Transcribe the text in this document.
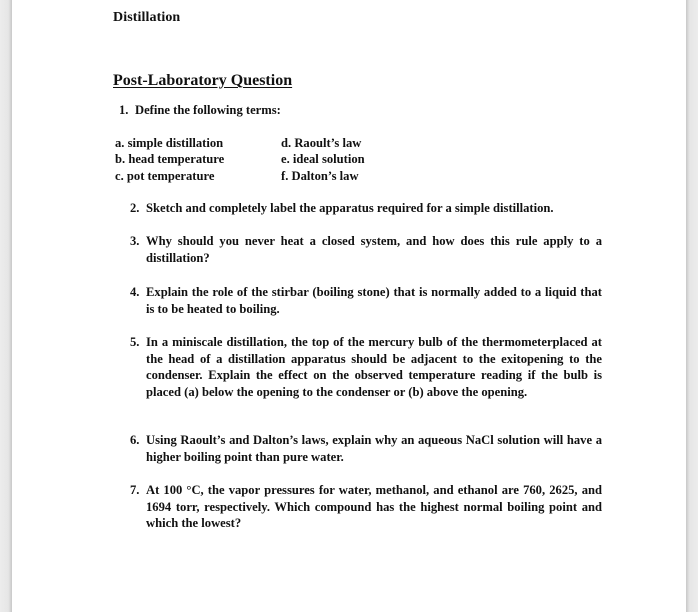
Distillation
Post-Laboratory Question
1. Define the following terms:
a. simple distillation
b. head temperature
c. pot temperature
d. Raoult’s law
e. ideal solution
f. Dalton’s law
2. Sketch and completely label the apparatus required for a simple distillation.
3. Why should you never heat a closed system, and how does this rule apply to a distillation?
4. Explain the role of the stirbar (boiling stone) that is normally added to a liquid that is to be heated to boiling.
5. In a miniscale distillation, the top of the mercury bulb of the thermometerplaced at the head of a distillation apparatus should be adjacent to the exitopening to the condenser. Explain the effect on the observed temperature reading if the bulb is placed (a) below the opening to the condenser or (b) above the opening.
6. Using Raoult’s and Dalton’s laws, explain why an aqueous NaCl solution will have a higher boiling point than pure water.
7. At 100 °C, the vapor pressures for water, methanol, and ethanol are 760, 2625, and 1694 torr, respectively. Which compound has the highest normal boiling point and which the lowest?
